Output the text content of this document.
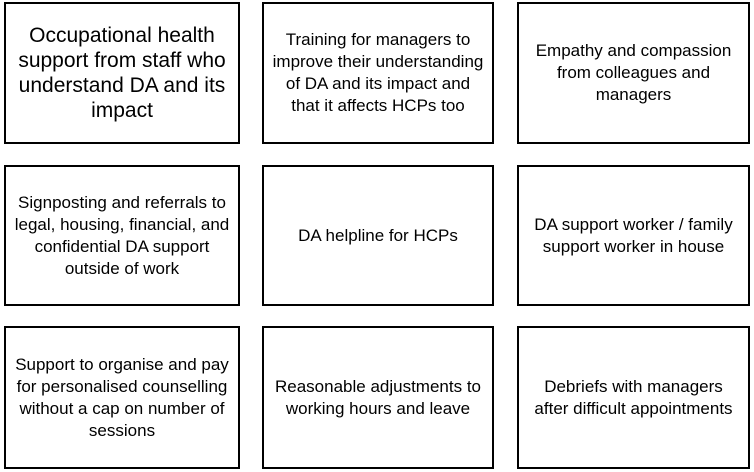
Occupational health support from staff who understand DA and its impact
Training for managers to improve their understanding of DA and its impact and that it affects HCPs too
Empathy and compassion from colleagues and managers
Signposting and referrals to legal, housing, financial, and confidential DA support outside of work
DA helpline for HCPs
DA support worker / family support worker in house
Support to organise and pay for personalised counselling without a cap on number of sessions
Reasonable adjustments to working hours and leave
Debriefs with managers after difficult appointments
